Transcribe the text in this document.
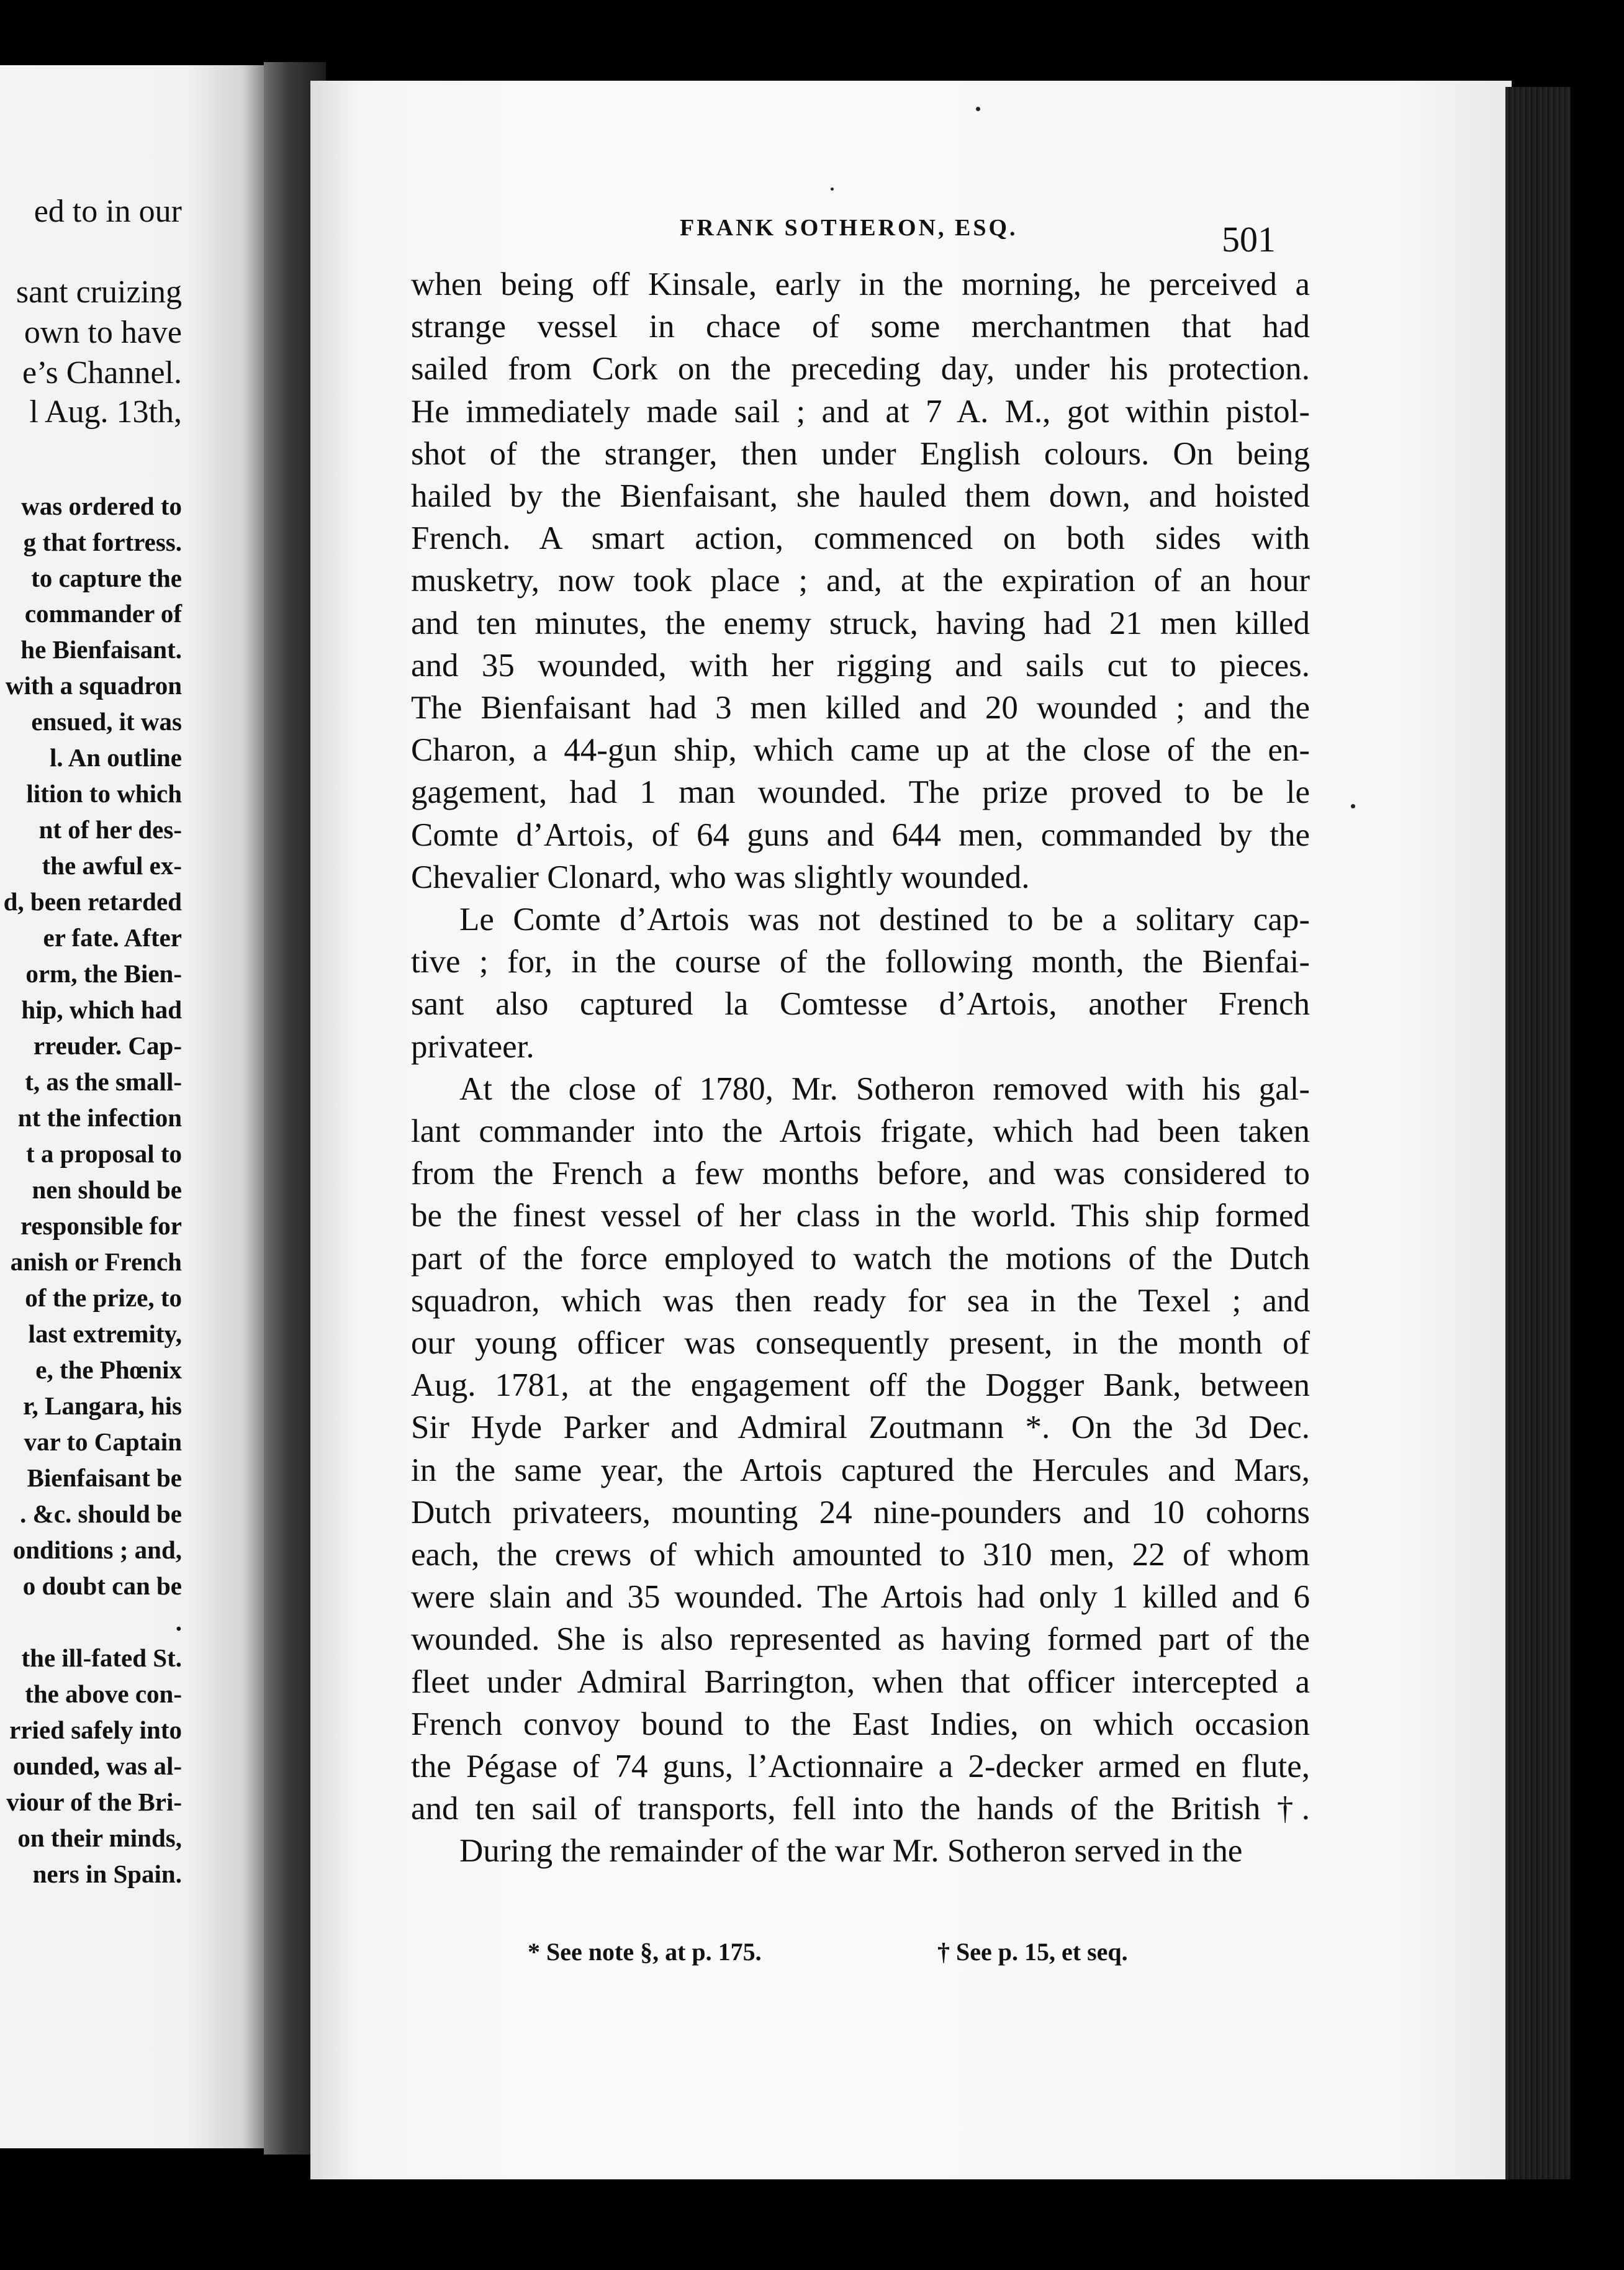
ed to in our
sant cruizing
own to have
e’s Channel.
l Aug. 13th,
was ordered to
g that fortress.
to capture the
commander of
he Bienfaisant.
with a squadron
ensued, it was
l. An outline
lition to which
nt of her des-
the awful ex-
d, been retarded
er fate. After
orm, the Bien-
hip, which had
rreuder. Cap-
t, as the small-
nt the infection
t a proposal to
nen should be
responsible for
anish or French
of the prize, to
last extremity,
e, the Phœnix
r, Langara, his
var to Captain
Bienfaisant be
. &c. should be
onditions ; and,
o doubt can be
.
the ill-fated St.
the above con-
rried safely into
ounded, was al-
viour of the Bri-
on their minds,
ners in Spain.
FRANK SOTHERON, ESQ.	501
when being off Kinsale, early in the morning, he perceived a
strange vessel in chace of some merchantmen that had
sailed from Cork on the preceding day, under his protection.
He immediately made sail ; and at 7 A. M., got within pistol-
shot of the stranger, then under English colours. On being
hailed by the Bienfaisant, she hauled them down, and hoisted
French. A smart action, commenced on both sides with
musketry, now took place ; and, at the expiration of an hour
and ten minutes, the enemy struck, having had 21 men killed
and 35 wounded, with her rigging and sails cut to pieces.
The Bienfaisant had 3 men killed and 20 wounded ; and the
Charon, a 44-gun ship, which came up at the close of the en-
gagement, had 1 man wounded. The prize proved to be le
Comte d’Artois, of 64 guns and 644 men, commanded by the
Chevalier Clonard, who was slightly wounded.
Le Comte d’Artois was not destined to be a solitary cap-
tive ; for, in the course of the following month, the Bienfai-
sant also captured la Comtesse d’Artois, another French
privateer.
At the close of 1780, Mr. Sotheron removed with his gal-
lant commander into the Artois frigate, which had been taken
from the French a few months before, and was considered to
be the finest vessel of her class in the world. This ship formed
part of the force employed to watch the motions of the Dutch
squadron, which was then ready for sea in the Texel ; and
our young officer was consequently present, in the month of
Aug. 1781, at the engagement off the Dogger Bank, between
Sir Hyde Parker and Admiral Zoutmann *. On the 3d Dec.
in the same year, the Artois captured the Hercules and Mars,
Dutch privateers, mounting 24 nine-pounders and 10 cohorns
each, the crews of which amounted to 310 men, 22 of whom
were slain and 35 wounded. The Artois had only 1 killed and 6
wounded. She is also represented as having formed part of the
fleet under Admiral Barrington, when that officer intercepted a
French convoy bound to the East Indies, on which occasion
the Pégase of 74 guns, l’Actionnaire a 2-decker armed en flute,
and ten sail of transports, fell into the hands of the British †.
During the remainder of the war Mr. Sotheron served in the
* See note §, at p. 175.	† See p. 15, et seq.
